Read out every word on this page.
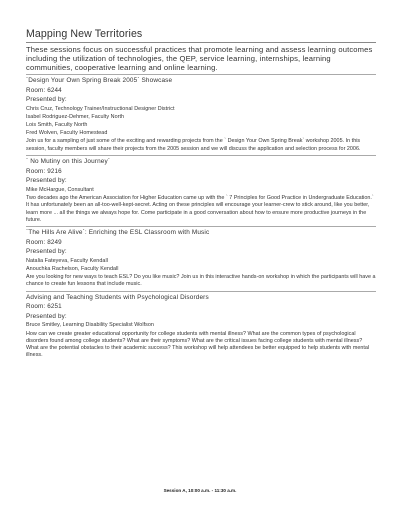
Mapping New Territories
These sessions focus on successful practices that promote learning and assess learning outcomes including the utilization of technologies, the QEP, service learning, internships, learning communities, cooperative learning and online learning.
`Design Your Own Spring Break 2005` Showcase
Room: 6244
Presented by:
Chris Cruz, Technology Trainer/Instructional Designer District
Isabel Rodriguez-Dehmer, Faculty North
Lois Smith, Faculty North
Fred Wolven, Faculty Homestead
Join us for a sampling of just some of the exciting and rewarding projects from the ` Design Your Own Spring Break` workshop 2005. In this session, faculty members will share their projects from the 2005 session and we will discuss the application and selection process for 2006.
` No Mutiny on this Journey`
Room: 9216
Presented by:
Mike McHargue, Consultant
Two decades ago the American Association for Higher Education came up with the ` 7 Principles for Good Practice in Undergraduate Education.` It has unfortunately been an all-too-well-kept-secret. Acting on these principles will encourage your learner-crew to stick around, like you better, learn more ... all the things we always hope for. Come participate in a good conversation about how to ensure more productive journeys in the future.
`The Hills Are Alive`: Enriching the ESL Classroom with Music
Room: 8249
Presented by:
Natalia Fateyeva, Faculty Kendall
Anouchka Rachelson, Faculty Kendall
Are you looking for new ways to teach ESL? Do you like music? Join us in this interactive hands-on workshop in which the participants will have a chance to create fun lessons that include music.
Advising and Teaching Students with Psychological Disorders
Room: 6251
Presented by:
Bruce Smitley, Learning Disability Specialist Wolfson
How can we create greater educational opportunity for college students with mental illness? What are the common types of psychological disorders found among college students? What are their symptoms? What are the critical issues facing college students with mental illness? What are the potential obstacles to their academic success? This workshop will help attendees be better equipped to help students with mental illness.
Session A, 10:00 a.m. - 11:30 a.m.
